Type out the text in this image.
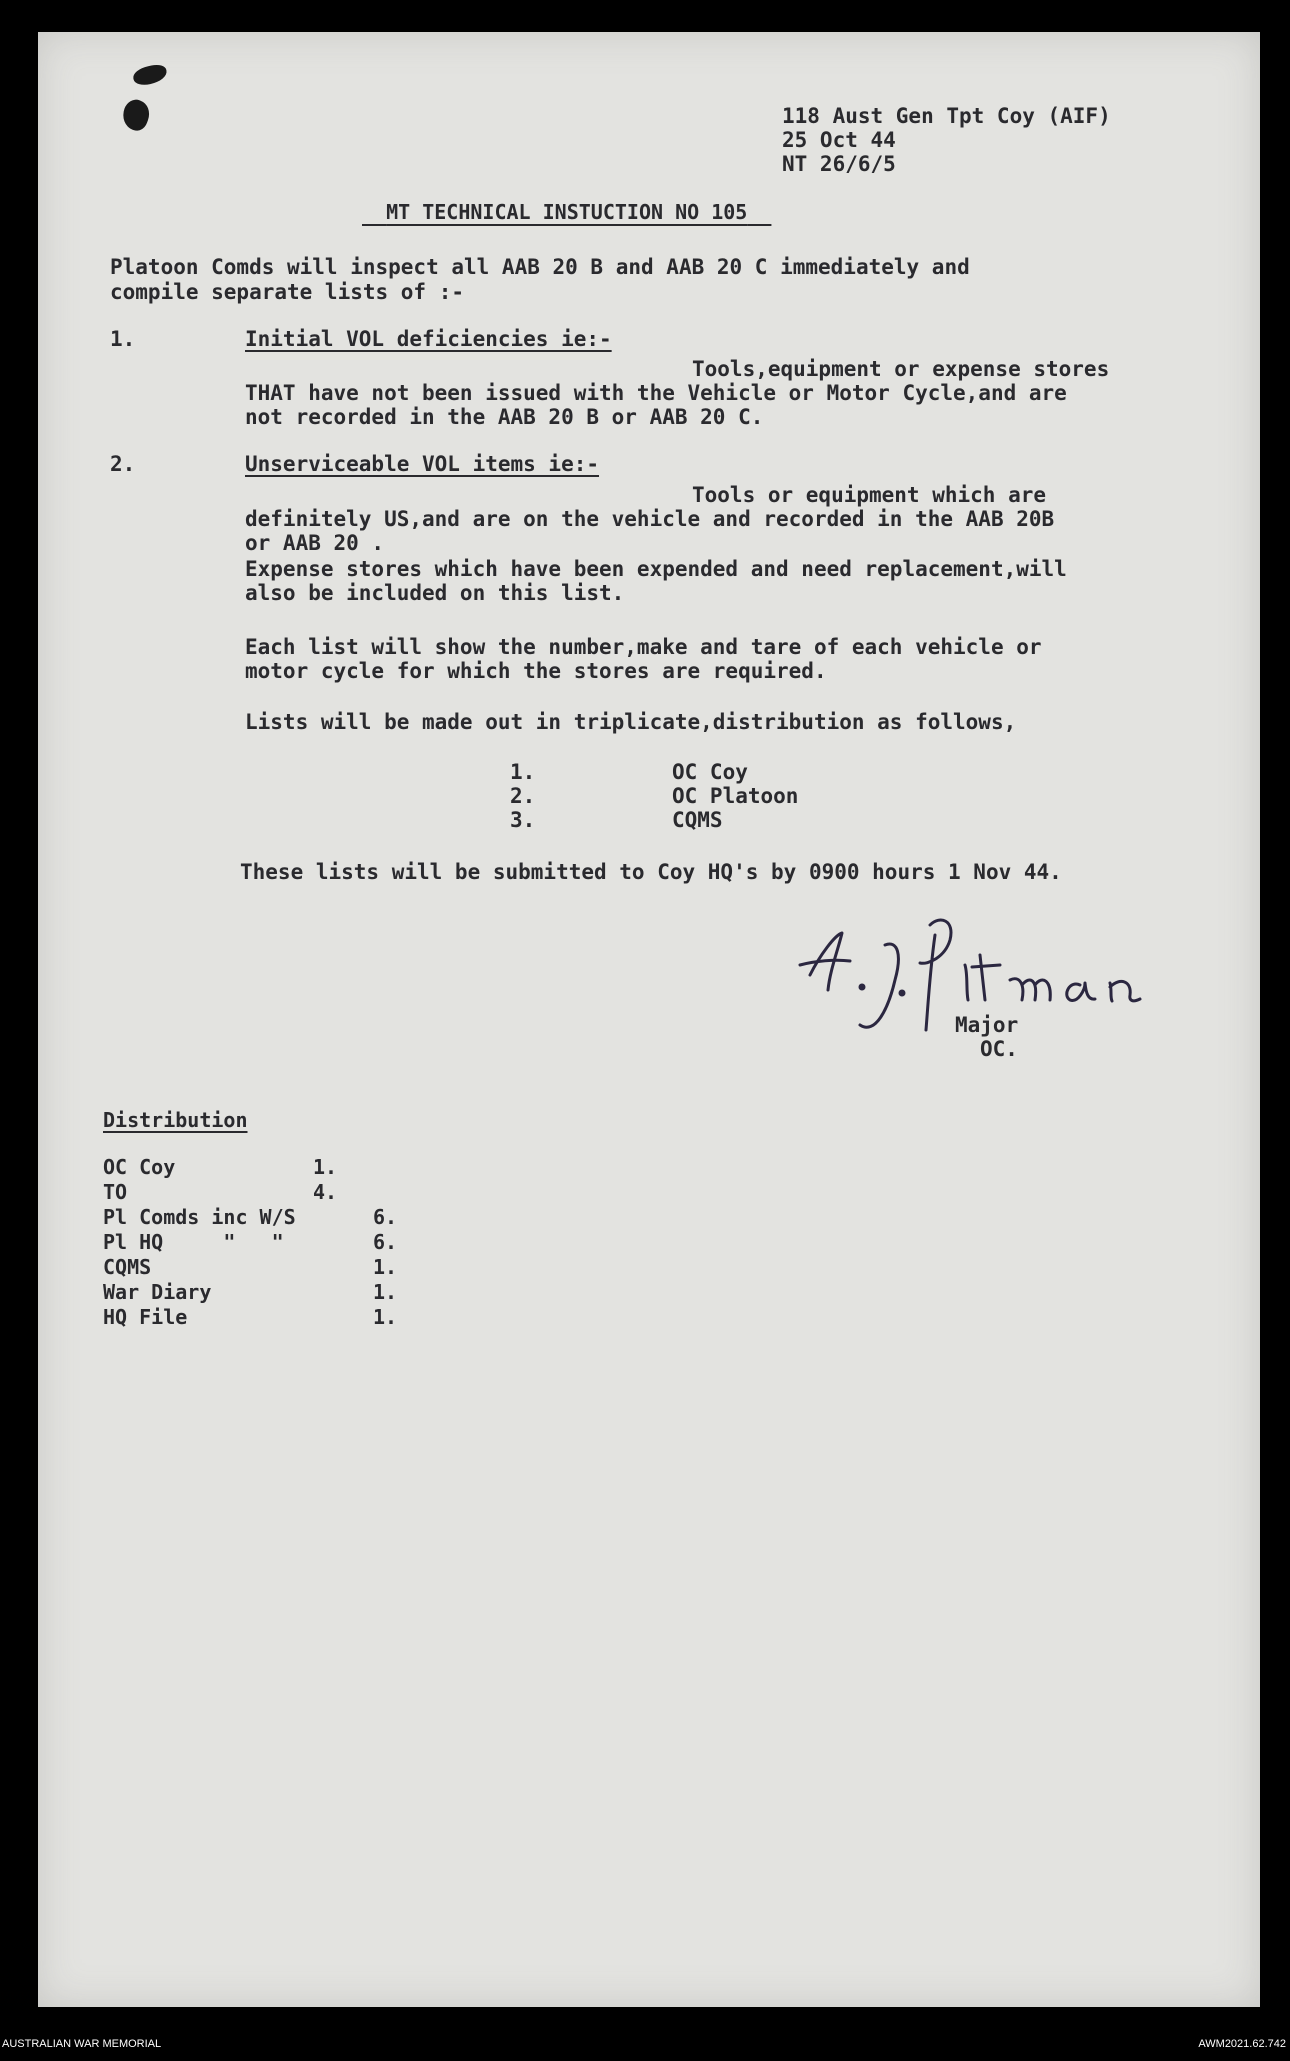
118 Aust Gen Tpt Coy (AIF)
25 Oct 44
NT 26/6/5
MT TECHNICAL INSTUCTION NO 105
Platoon Comds will inspect all AAB 20 B and AAB 20 C immediately and
compile separate lists of :-
1.	Initial VOL deficiencies ie:-
Tools,equipment or expense stores
THAT have not been issued with the Vehicle or Motor Cycle,and are
not recorded in the AAB 20 B or AAB 20 C.
2.	Unserviceable VOL items ie:-
Tools or equipment which are
definitely US,and are on the vehicle and recorded in the AAB 20B
or AAB 20 .
Expense stores which have been expended and need replacement,will
also be included on this list.
Each list will show the number,make and tare of each vehicle or
motor cycle for which the stores are required.
Lists will be made out in triplicate,distribution as follows,
1.	OC Coy
2.	OC Platoon
3.	CQMS
These lists will be submitted to Coy HQ's by 0900 hours 1 Nov 44.
Major
OC.
Distribution
OC Coy	1.
TO	4.
Pl Comds inc W/S	6.
Pl HQ     "   "	6.
CQMS	1.
War Diary	1.
HQ File	1.
AUSTRALIAN WAR MEMORIAL	AWM2021.62.742
